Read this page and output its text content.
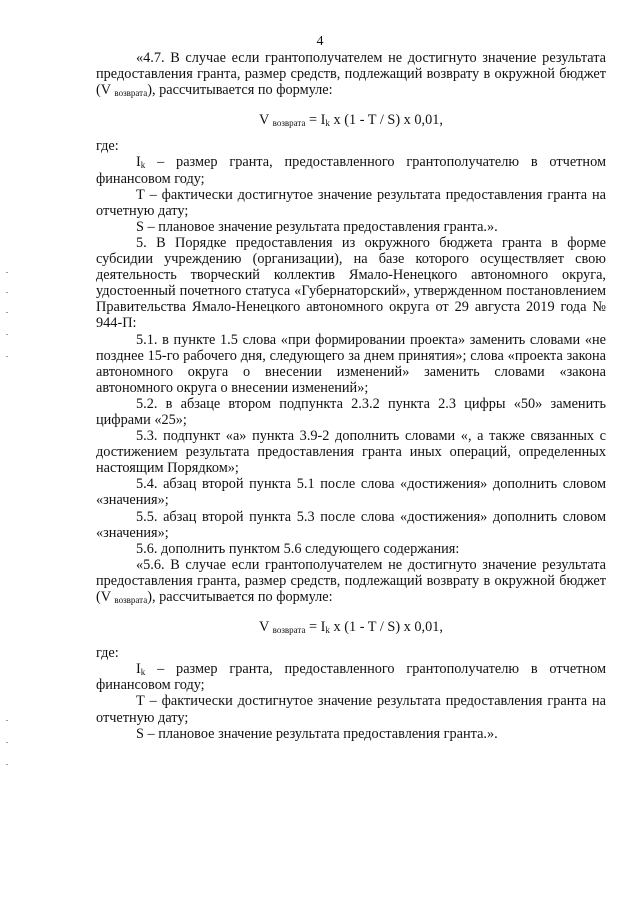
4

«4.7. В случае если грантополучателем не достигнуто значение результата предоставления гранта, размер средств, подлежащий возврату в окружной бюджет (V $_{возврата}$), рассчитывается по формуле:

V $_{возврата} = I_k$ x (1 - T / S) x 0,01,

где:

$I_k$ – размер гранта, предоставленного грантополучателю в отчетном финансовом году;

Т – фактически достигнутое значение результата предоставления гранта на отчетную дату;

S – плановое значение результата предоставления гранта.».

5. В Порядке предоставления из окружного бюджета гранта в форме субсидии учреждению (организации), на базе которого осуществляет свою деятельность творческий коллектив Ямало-Ненецкого автономного округа, удостоенный почетного статуса «Губернаторский», утвержденном постановлением Правительства Ямало-Ненецкого автономного округа от 29 августа 2019 года № 944-П:

5.1. в пункте 1.5 слова «при формировании проекта» заменить словами «не позднее 15-го рабочего дня, следующего за днем принятия»; слова «проекта закона автономного округа о внесении изменений» заменить словами «закона автономного округа о внесении изменений»;

5.2. в абзаце втором подпункта 2.3.2 пункта 2.3 цифры «50» заменить цифрами «25»;

5.3. подпункт «а» пункта 3.9-2 дополнить словами «, а также связанных с достижением результата предоставления гранта иных операций, определенных настоящим Порядком»;

5.4. абзац второй пункта 5.1 после слова «достижения» дополнить словом «значения»;

5.5. абзац второй пункта 5.3 после слова «достижения» дополнить словом «значения»;

5.6. дополнить пунктом 5.6 следующего содержания:

«5.6. В случае если грантополучателем не достигнуто значение результата предоставления гранта, размер средств, подлежащий возврату в окружной бюджет (V $_{возврата}$), рассчитывается по формуле:

V $_{возврата} = I_k$ x (1 - T / S) x 0,01,

где:

$I_k$ – размер гранта, предоставленного грантополучателю в отчетном финансовом году;

Т – фактически достигнутое значение результата предоставления гранта на отчетную дату;

S – плановое значение результата предоставления гранта.».
